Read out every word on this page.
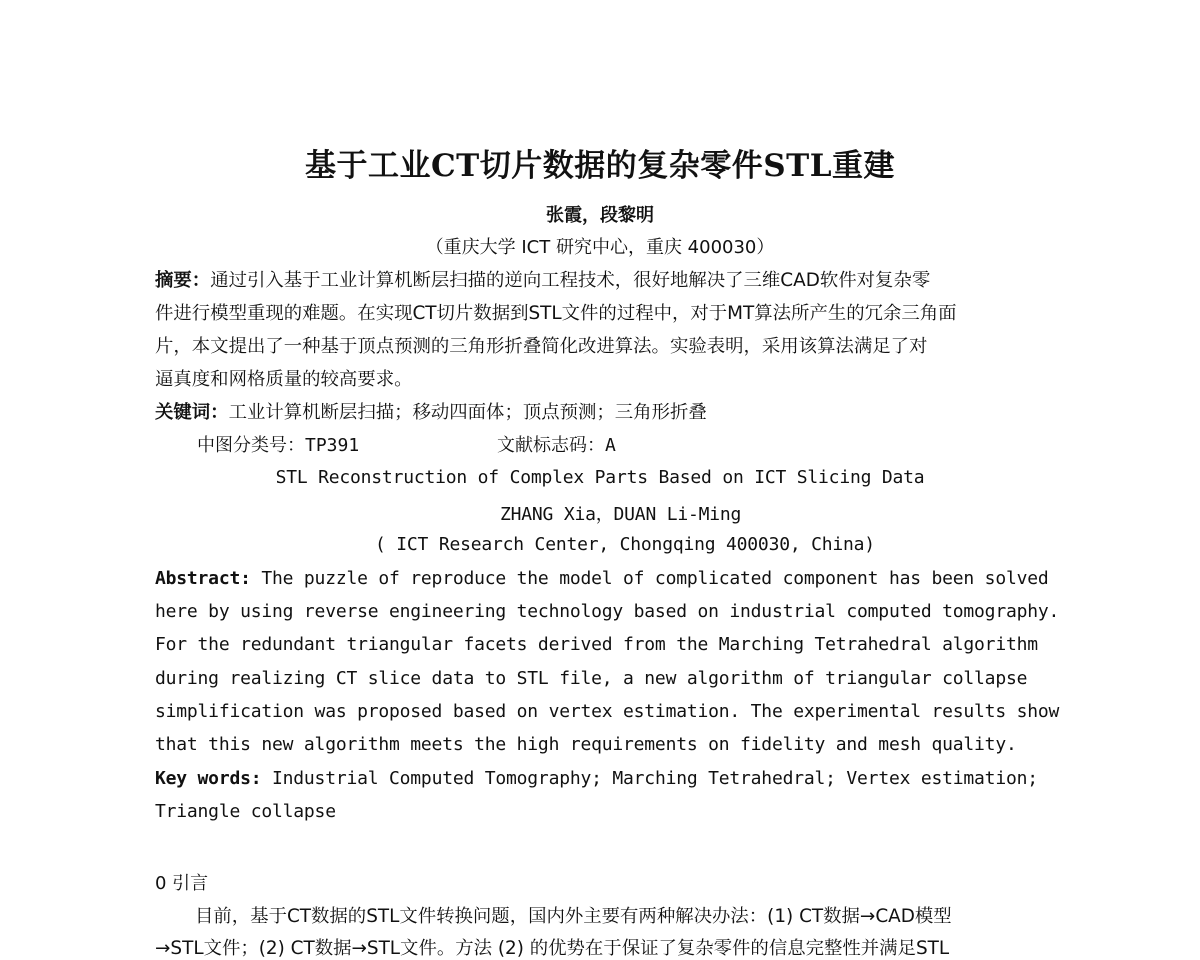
基于工业CT切片数据的复杂零件STL重建
张霞，段黎明
（重庆大学 ICT 研究中心，重庆 400030）
摘要：通过引入基于工业计算机断层扫描的逆向工程技术，很好地解决了三维CAD软件对复杂零
件进行模型重现的难题。在实现CT切片数据到STL文件的过程中，对于MT算法所产生的冗余三角面
片，本文提出了一种基于顶点预测的三角形折叠简化改进算法。实验表明，采用该算法满足了对
逼真度和网格质量的较高要求。
关键词：工业计算机断层扫描；移动四面体；顶点预测；三角形折叠
中图分类号：TP391	文献标志码：A
STL Reconstruction of Complex Parts Based on ICT Slicing Data
ZHANG Xia，DUAN Li-Ming
( ICT Research Center, Chongqing 400030, China)
Abstract: The puzzle of reproduce the model of complicated component has been solved
here by using reverse engineering technology based on industrial computed tomography.
For the redundant triangular facets derived from the Marching Tetrahedral algorithm
during realizing CT slice data to STL file, a new algorithm of triangular collapse
simplification was proposed based on vertex estimation. The experimental results show
that this new algorithm meets the high requirements on fidelity and mesh quality.
Key words: Industrial Computed Tomography; Marching Tetrahedral; Vertex estimation;
Triangle collapse
0 引言
目前，基于CT数据的STL文件转换问题，国内外主要有两种解决办法：(1) CT数据→CAD模型
→STL文件；(2) CT数据→STL文件。方法 (2) 的优势在于保证了复杂零件的信息完整性并满足STL
